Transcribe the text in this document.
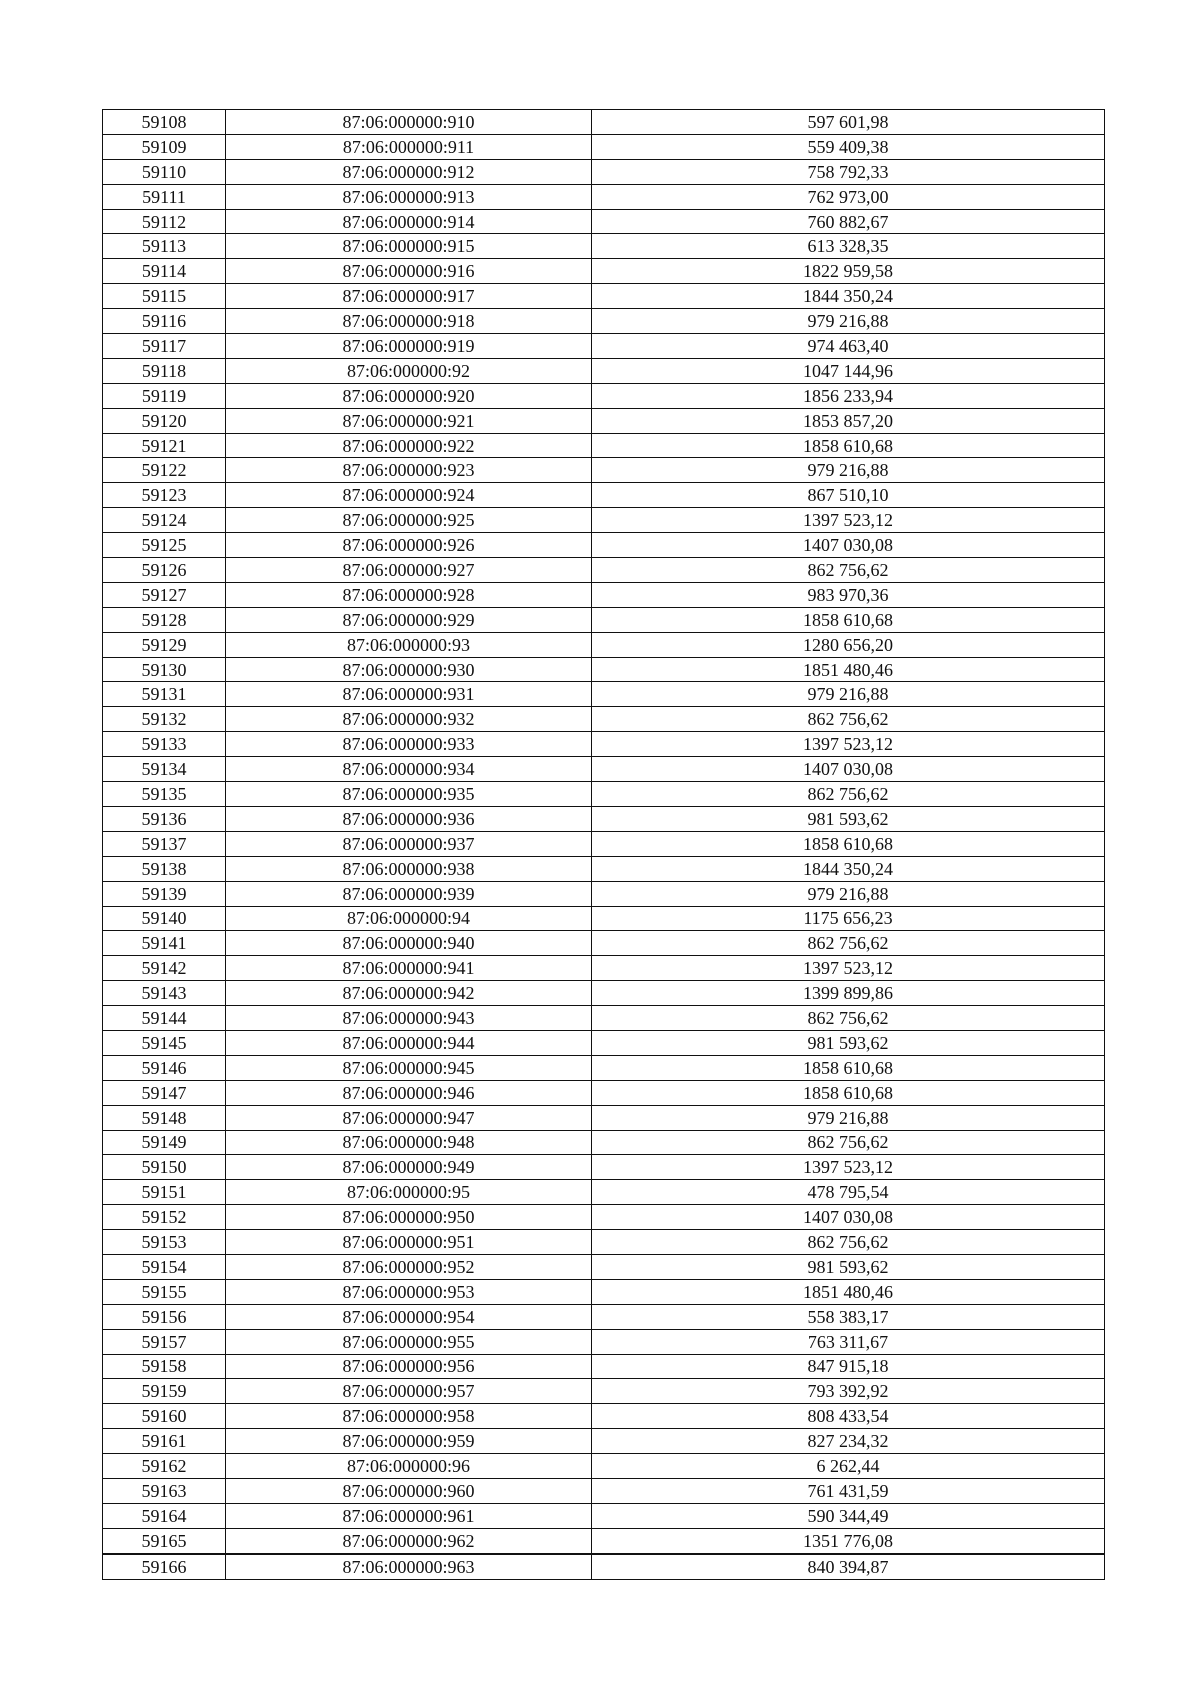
59108	87:06:000000:910	597 601,98
59109	87:06:000000:911	559 409,38
59110	87:06:000000:912	758 792,33
59111	87:06:000000:913	762 973,00
59112	87:06:000000:914	760 882,67
59113	87:06:000000:915	613 328,35
59114	87:06:000000:916	1822 959,58
59115	87:06:000000:917	1844 350,24
59116	87:06:000000:918	979 216,88
59117	87:06:000000:919	974 463,40
59118	87:06:000000:92	1047 144,96
59119	87:06:000000:920	1856 233,94
59120	87:06:000000:921	1853 857,20
59121	87:06:000000:922	1858 610,68
59122	87:06:000000:923	979 216,88
59123	87:06:000000:924	867 510,10
59124	87:06:000000:925	1397 523,12
59125	87:06:000000:926	1407 030,08
59126	87:06:000000:927	862 756,62
59127	87:06:000000:928	983 970,36
59128	87:06:000000:929	1858 610,68
59129	87:06:000000:93	1280 656,20
59130	87:06:000000:930	1851 480,46
59131	87:06:000000:931	979 216,88
59132	87:06:000000:932	862 756,62
59133	87:06:000000:933	1397 523,12
59134	87:06:000000:934	1407 030,08
59135	87:06:000000:935	862 756,62
59136	87:06:000000:936	981 593,62
59137	87:06:000000:937	1858 610,68
59138	87:06:000000:938	1844 350,24
59139	87:06:000000:939	979 216,88
59140	87:06:000000:94	1175 656,23
59141	87:06:000000:940	862 756,62
59142	87:06:000000:941	1397 523,12
59143	87:06:000000:942	1399 899,86
59144	87:06:000000:943	862 756,62
59145	87:06:000000:944	981 593,62
59146	87:06:000000:945	1858 610,68
59147	87:06:000000:946	1858 610,68
59148	87:06:000000:947	979 216,88
59149	87:06:000000:948	862 756,62
59150	87:06:000000:949	1397 523,12
59151	87:06:000000:95	478 795,54
59152	87:06:000000:950	1407 030,08
59153	87:06:000000:951	862 756,62
59154	87:06:000000:952	981 593,62
59155	87:06:000000:953	1851 480,46
59156	87:06:000000:954	558 383,17
59157	87:06:000000:955	763 311,67
59158	87:06:000000:956	847 915,18
59159	87:06:000000:957	793 392,92
59160	87:06:000000:958	808 433,54
59161	87:06:000000:959	827 234,32
59162	87:06:000000:96	6 262,44
59163	87:06:000000:960	761 431,59
59164	87:06:000000:961	590 344,49
59165	87:06:000000:962	1351 776,08
59166	87:06:000000:963	840 394,87
